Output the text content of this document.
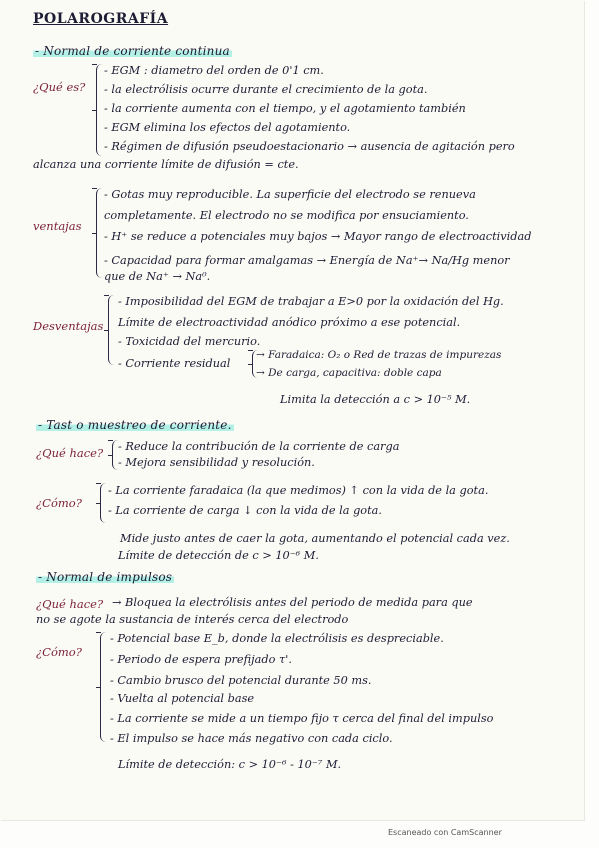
POLAROGRAFÍA
- Normal de corriente continua
¿Qué es?
- EGM : diametro del orden de 0'1 cm.
- la electrólisis ocurre durante el crecimiento de la gota.
- la corriente aumenta con el tiempo, y el agotamiento también
- EGM elimina los efectos del agotamiento.
- Régimen de difusión pseudoestacionario → ausencia de agitación pero
alcanza una corriente límite de difusión = cte.
ventajas
- Gotas muy reproducible. La superficie del electrodo se renueva
completamente. El electrodo no se modifica por ensuciamiento.
- H⁺ se reduce a potenciales muy bajos → Mayor rango de electroactividad
- Capacidad para formar amalgamas → Energía de Na⁺→ Na/Hg menor
que de Na⁺ → Na⁰.
Desventajas
- Imposibilidad del EGM de trabajar a E>0 por la oxidación del Hg.
Límite de electroactividad anódico próximo a ese potencial.
- Toxicidad del mercurio.
- Corriente residual
→ Faradaica: O₂ o Red de trazas de impurezas
→ De carga, capacitiva: doble capa
Limita la detección a c > 10⁻⁵ M.
- Tast o muestreo de corriente.
¿Qué hace? - Reduce la contribución de la corriente de carga
- Mejora sensibilidad y resolución.
¿Cómo?
- La corriente faradaica (la que medimos) ↑ con la vida de la gota.
- La corriente de carga ↓ con la vida de la gota.
Mide justo antes de caer la gota, aumentando el potencial cada vez.
Límite de detección de c > 10⁻⁶ M.
- Normal de impulsos
¿Qué hace? → Bloquea la electrólisis antes del periodo de medida para que
no se agote la sustancia de interés cerca del electrodo
¿Cómo?
- Potencial base E_b, donde la electrólisis es despreciable.
- Periodo de espera prefijado τ'.
- Cambio brusco del potencial durante 50 ms.
- Vuelta al potencial base
- La corriente se mide a un tiempo fijo τ cerca del final del impulso
- El impulso se hace más negativo con cada ciclo.
Límite de detección: c > 10⁻⁶ - 10⁻⁷ M.
Escaneado con CamScanner
